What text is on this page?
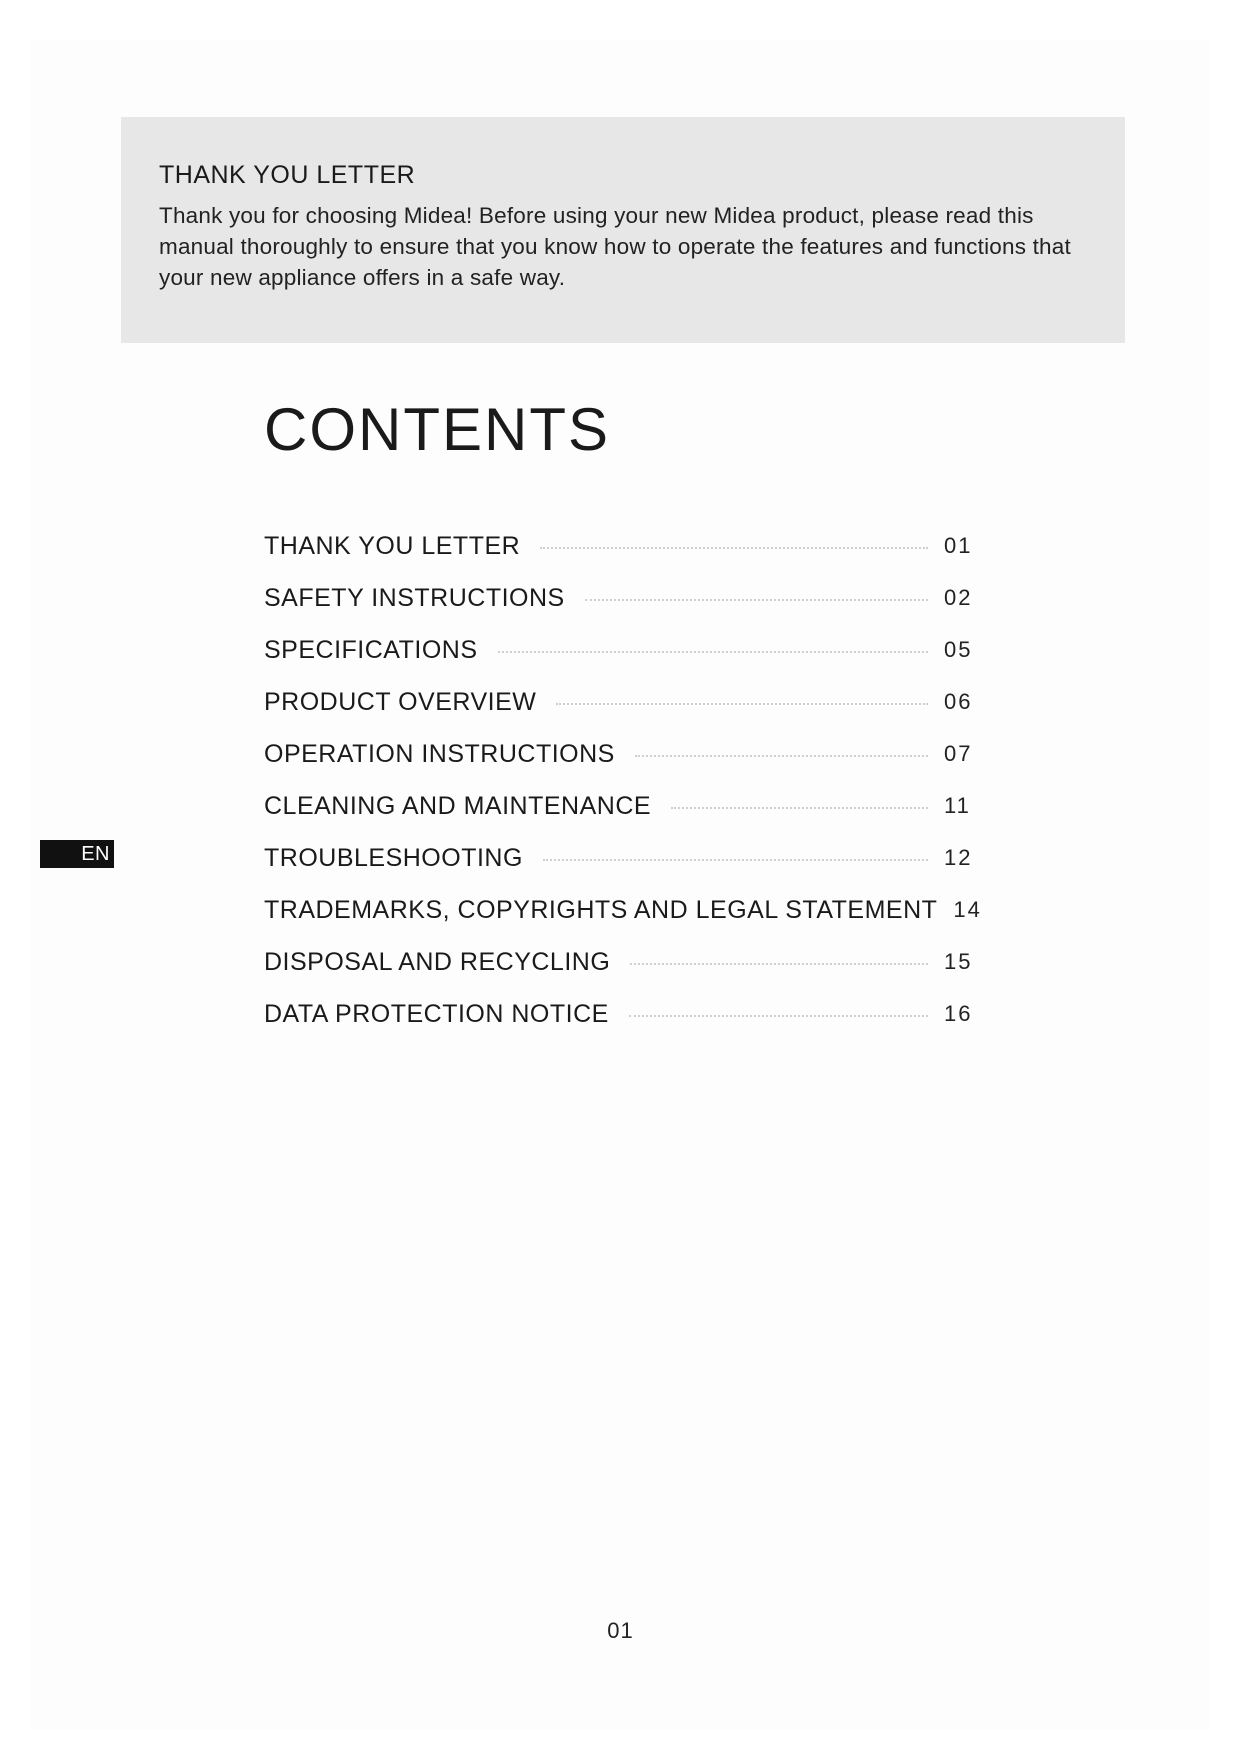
THANK YOU LETTER

Thank you for choosing Midea! Before using your new Midea product, please read this manual thoroughly to ensure that you know how to operate the features and functions that your new appliance offers in a safe way.

CONTENTS
THANK YOU LETTER	01
SAFETY INSTRUCTIONS	02
SPECIFICATIONS	05
PRODUCT OVERVIEW	06
OPERATION INSTRUCTIONS	07
CLEANING AND MAINTENANCE	11
TROUBLESHOOTING	12
TRADEMARKS, COPYRIGHTS AND LEGAL STATEMENT 14
DISPOSAL AND RECYCLING	15
DATA PROTECTION NOTICE	16
EN
01
